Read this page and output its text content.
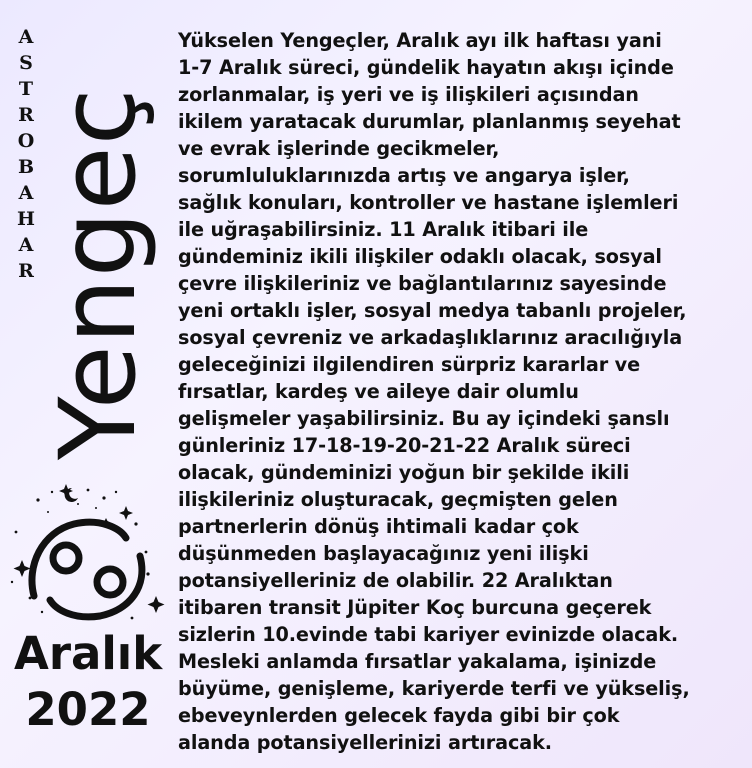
A
S
T
R
O
B
A
H
A
R Yengeç
Aralık
2022
Yükselen Yengeçler, Aralık ayı ilk haftası yani
1-7 Aralık süreci, gündelik hayatın akışı içinde
zorlanmalar, iş yeri ve iş ilişkileri açısından
ikilem yaratacak durumlar, planlanmış seyehat
ve evrak işlerinde gecikmeler,
sorumluluklarınızda artış ve angarya işler,
sağlık konuları, kontroller ve hastane işlemleri
ile uğraşabilirsiniz. 11 Aralık itibari ile
gündeminiz ikili ilişkiler odaklı olacak, sosyal
çevre ilişkileriniz ve bağlantılarınız sayesinde
yeni ortaklı işler, sosyal medya tabanlı projeler,
sosyal çevreniz ve arkadaşlıklarınız aracılığıyla
geleceğinizi ilgilendiren sürpriz kararlar ve
fırsatlar, kardeş ve aileye dair olumlu
gelişmeler yaşabilirsiniz. Bu ay içindeki şanslı
günleriniz 17-18-19-20-21-22 Aralık süreci
olacak, gündeminizi yoğun bir şekilde ikili
ilişkileriniz oluşturacak, geçmişten gelen
partnerlerin dönüş ihtimali kadar çok
düşünmeden başlayacağınız yeni ilişki
potansiyelleriniz de olabilir. 22 Aralıktan
itibaren transit Jüpiter Koç burcuna geçerek
sizlerin 10.evinde tabi kariyer evinizde olacak.
Mesleki anlamda fırsatlar yakalama, işinizde
büyüme, genişleme, kariyerde terfi ve yükseliş,
ebeveynlerden gelecek fayda gibi bir çok
alanda potansiyellerinizi artıracak.
